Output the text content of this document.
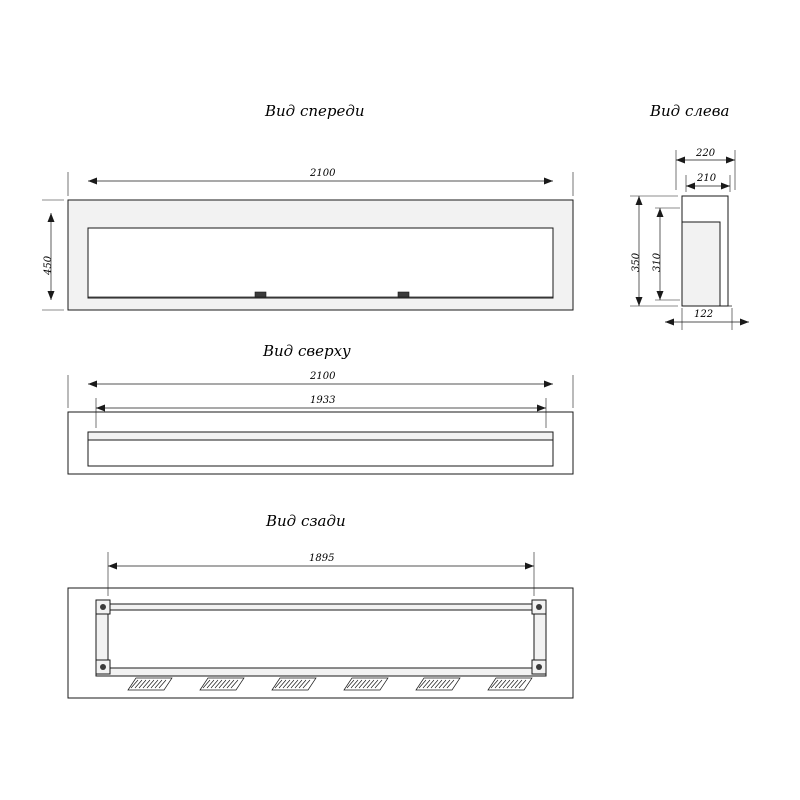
Вид спереди	Вид слева
Вид сверху
Вид сзади
2100
450
220
210
350 310
122
2100
1933
1895
